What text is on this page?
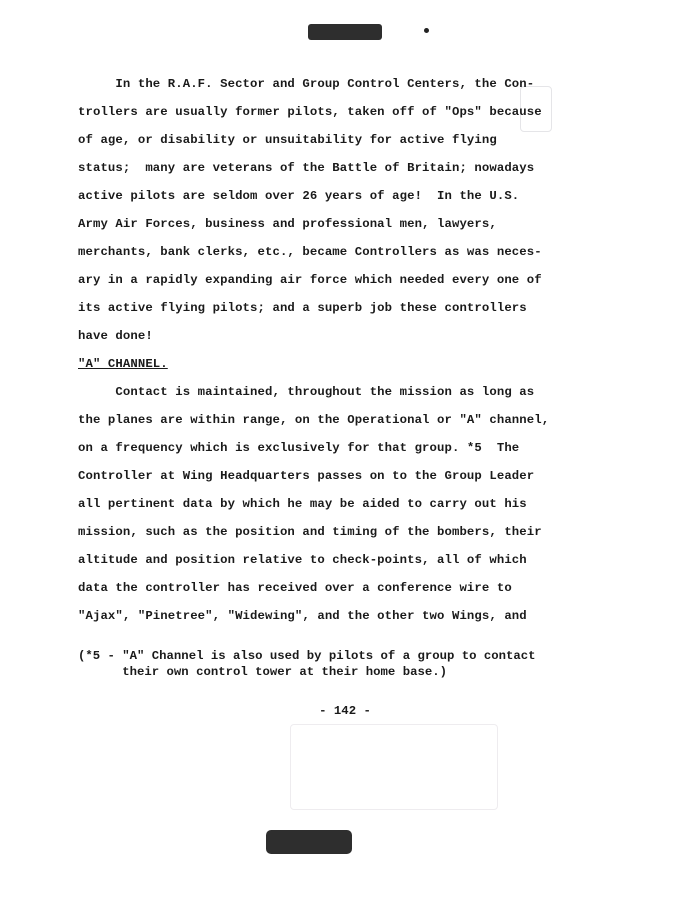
In the R.A.F. Sector and Group Control Centers, the Con-
trollers are usually former pilots, taken off of "Ops" because
of age, or disability or unsuitability for active flying
status;  many are veterans of the Battle of Britain; nowadays
active pilots are seldom over 26 years of age!  In the U.S.
Army Air Forces, business and professional men, lawyers,
merchants, bank clerks, etc., became Controllers as was neces-
ary in a rapidly expanding air force which needed every one of
its active flying pilots; and a superb job these controllers
have done!
"A" CHANNEL.
Contact is maintained, throughout the mission as long as
the planes are within range, on the Operational or "A" channel,
on a frequency which is exclusively for that group. *5  The
Controller at Wing Headquarters passes on to the Group Leader
all pertinent data by which he may be aided to carry out his
mission, such as the position and timing of the bombers, their
altitude and position relative to check-points, all of which
data the controller has received over a conference wire to
"Ajax", "Pinetree", "Widewing", and the other two Wings, and
(*5 - "A" Channel is also used by pilots of a group to contact
their own control tower at their home base.)
- 142 -
